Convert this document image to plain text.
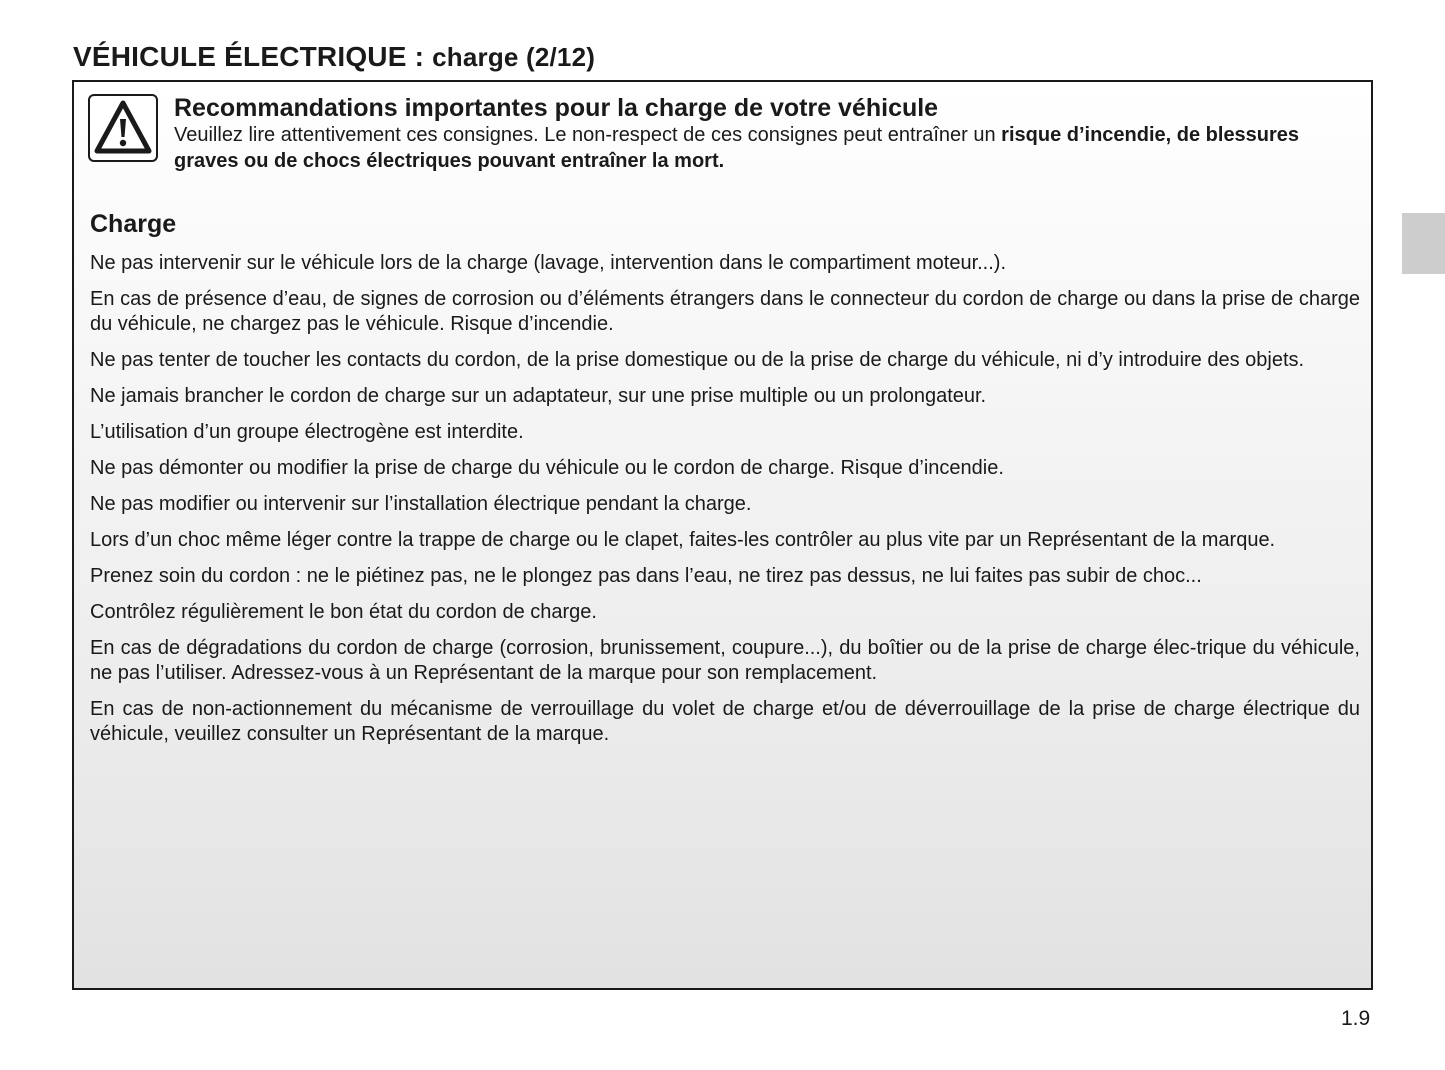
VÉHICULE ÉLECTRIQUE : charge (2/12)
Recommandations importantes pour la charge de votre véhicule
Veuillez lire attentivement ces consignes. Le non-respect de ces consignes peut entraîner un risque d’incendie, de blessures graves ou de chocs électriques pouvant entraîner la mort.
Charge

Ne pas intervenir sur le véhicule lors de la charge (lavage, intervention dans le compartiment moteur...).

En cas de présence d’eau, de signes de corrosion ou d’éléments étrangers dans le connecteur du cordon de charge ou dans la prise de charge du véhicule, ne chargez pas le véhicule. Risque d’incendie.

Ne pas tenter de toucher les contacts du cordon, de la prise domestique ou de la prise de charge du véhicule, ni d’y introduire des objets.

Ne jamais brancher le cordon de charge sur un adaptateur, sur une prise multiple ou un prolongateur.

L’utilisation d’un groupe électrogène est interdite.

Ne pas démonter ou modifier la prise de charge du véhicule ou le cordon de charge. Risque d’incendie.

Ne pas modifier ou intervenir sur l’installation électrique pendant la charge.

Lors d’un choc même léger contre la trappe de charge ou le clapet, faites-les contrôler au plus vite par un Représentant de la marque.

Prenez soin du cordon : ne le piétinez pas, ne le plongez pas dans l’eau, ne tirez pas dessus, ne lui faites pas subir de choc...

Contrôlez régulièrement le bon état du cordon de charge.

En cas de dégradations du cordon de charge (corrosion, brunissement, coupure...), du boîtier ou de la prise de charge élec-trique du véhicule, ne pas l’utiliser. Adressez-vous à un Représentant de la marque pour son remplacement.

En cas de non-actionnement du mécanisme de verrouillage du volet de charge et/ou de déverrouillage de la prise de charge électrique du véhicule, veuillez consulter un Représentant de la marque.

1.9
